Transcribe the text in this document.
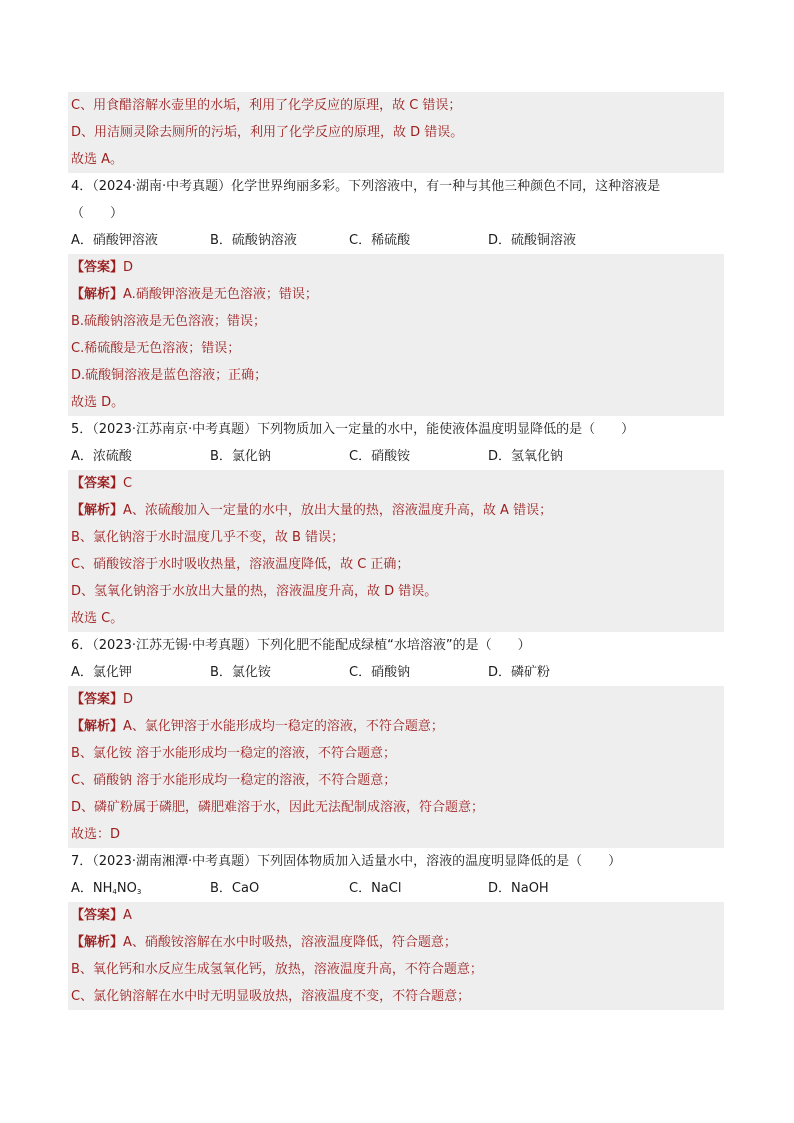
C、用食醋溶解水壶里的水垢，利用了化学反应的原理，故 C 错误；
D、用洁厕灵除去厕所的污垢，利用了化学反应的原理，故 D 错误。
故选 A。
4．（2024·湖南·中考真题）化学世界绚丽多彩。下列溶液中，有一种与其他三种颜色不同，这种溶液是
（　　）
A．硝酸钾溶液	B．硫酸钠溶液	C．稀硫酸	D．硫酸铜溶液
【答案】D
【解析】A.硝酸钾溶液是无色溶液；错误；
B.硫酸钠溶液是无色溶液；错误；
C.稀硫酸是无色溶液；错误；
D.硫酸铜溶液是蓝色溶液；正确；
故选 D。
5．（2023·江苏南京·中考真题）下列物质加入一定量的水中，能使液体温度明显降低的是（　　）
A．浓硫酸	B．氯化钠	C．硝酸铵	D．氢氧化钠
【答案】C
【解析】A、浓硫酸加入一定量的水中，放出大量的热，溶液温度升高，故 A 错误；
B、氯化钠溶于水时温度几乎不变，故 B 错误；
C、硝酸铵溶于水时吸收热量，溶液温度降低，故 C 正确；
D、氢氧化钠溶于水放出大量的热，溶液温度升高，故 D 错误。
故选 C。
6．（2023·江苏无锡·中考真题）下列化肥不能配成绿植“水培溶液”的是（　　）
A．氯化钾	B．氯化铵	C．硝酸钠	D．磷矿粉
【答案】D
【解析】A、氯化钾溶于水能形成均一稳定的溶液，不符合题意；
B、氯化铵 溶于水能形成均一稳定的溶液，不符合题意；
C、硝酸钠 溶于水能形成均一稳定的溶液，不符合题意；
D、磷矿粉属于磷肥，磷肥难溶于水，因此无法配制成溶液，符合题意；
故选：D
7．（2023·湖南湘潭·中考真题）下列固体物质加入适量水中，溶液的温度明显降低的是（　　）
A．$NH_4NO_3$	B．CaO	C．NaCl	D．NaOH
【答案】A
【解析】A、硝酸铵溶解在水中时吸热，溶液温度降低，符合题意；
B、氧化钙和水反应生成氢氧化钙，放热，溶液温度升高，不符合题意；
C、氯化钠溶解在水中时无明显吸放热，溶液温度不变，不符合题意；
